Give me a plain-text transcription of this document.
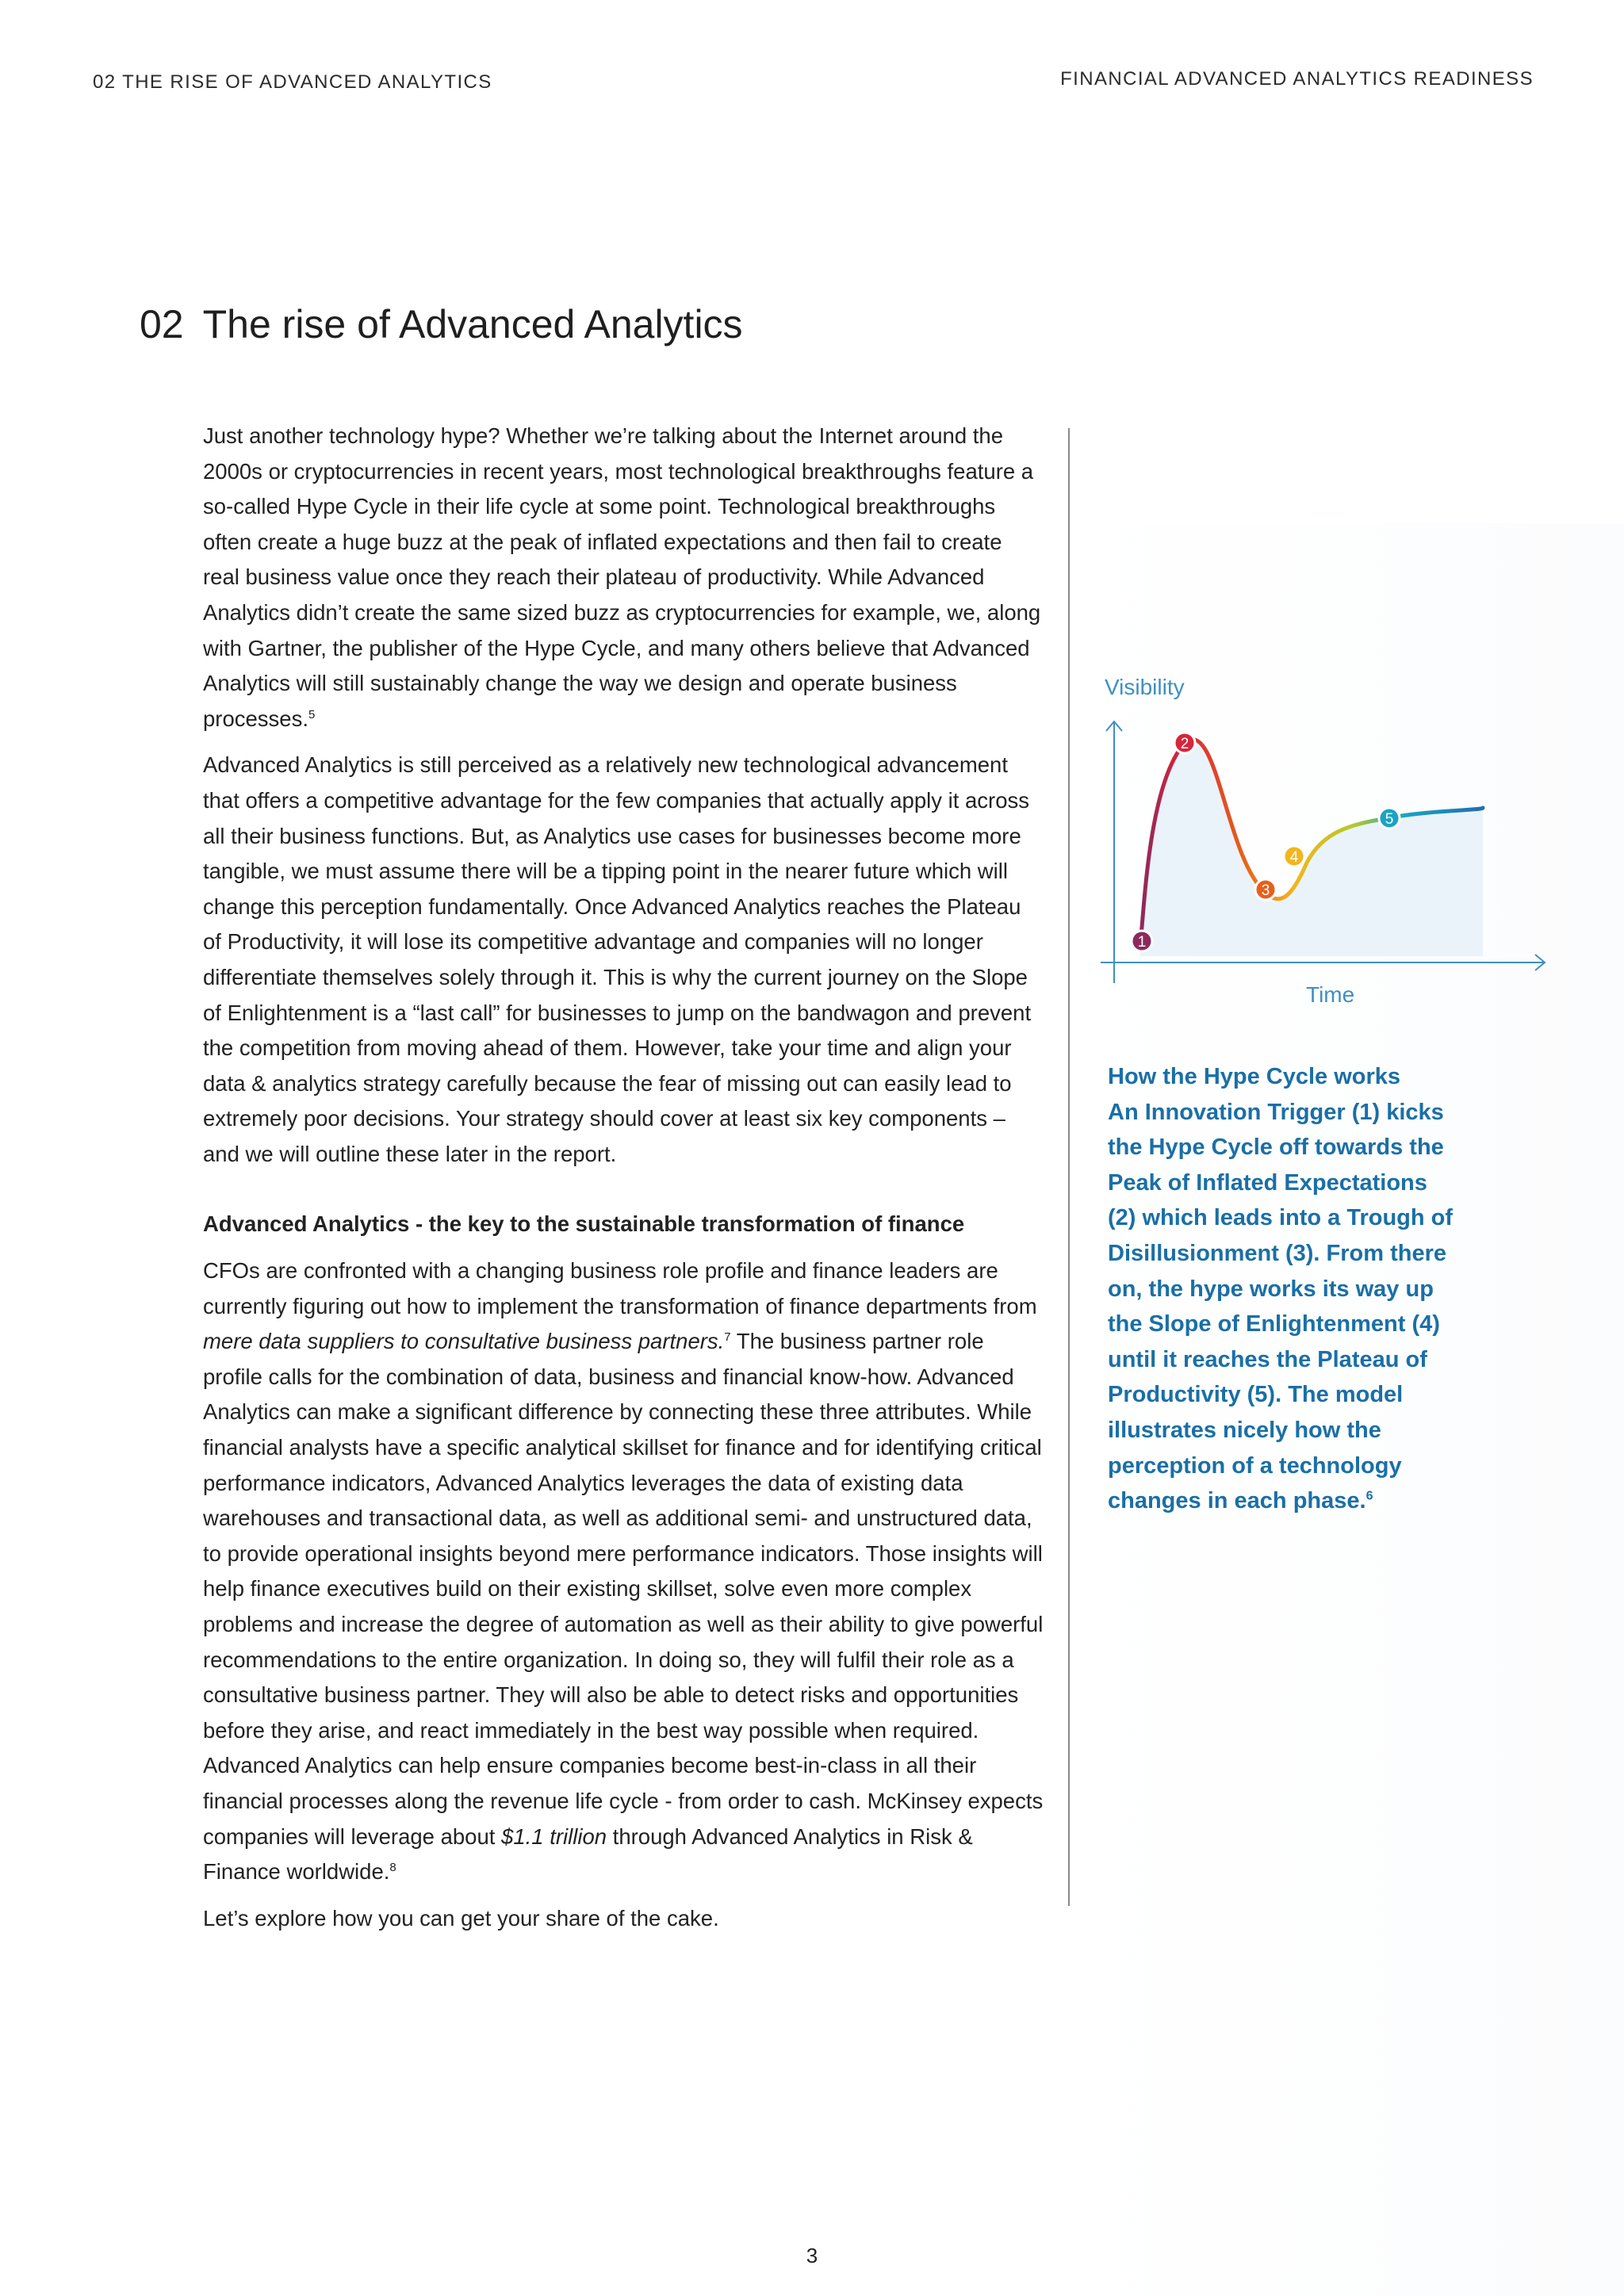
02 THE RISE OF ADVANCED ANALYTICS	FINANCIAL ADVANCED ANALYTICS READINESS
02 The rise of Advanced Analytics

Just another technology hype? Whether we’re talking about the Internet around the 2000s or cryptocurrencies in recent years, most technological breakthroughs feature a so-called Hype Cycle in their life cycle at some point. Technological breakthroughs often create a huge buzz at the peak of inflated expectations and then fail to create real business value once they reach their plateau of productivity. While Advanced Analytics didn’t create the same sized buzz as cryptocurrencies for example, we, along with Gartner, the publisher of the Hype Cycle, and many others believe that Advanced Analytics will still sustainably change the way we design and operate business processes.$^5$

Advanced Analytics is still perceived as a relatively new technological advancement that offers a competitive advantage for the few companies that actually apply it across all their business functions. But, as Analytics use cases for businesses become more tangible, we must assume there will be a tipping point in the nearer future which will change this perception fundamentally. Once Advanced Analytics reaches the Plateau of Productivity, it will lose its competitive advantage and companies will no longer differentiate themselves solely through it. This is why the current journey on the Slope of Enlightenment is a “last call” for businesses to jump on the bandwagon and prevent the competition from moving ahead of them. However, take your time and align your data & analytics strategy carefully because the fear of missing out can easily lead to extremely poor decisions. Your strategy should cover at least six key components – and we will outline these later in the report.

Advanced Analytics - the key to the sustainable transformation of finance

CFOs are confronted with a changing business role profile and finance leaders are currently figuring out how to implement the transformation of finance departments from mere data suppliers to consultative business partners.$^7$ The business partner role profile calls for the combination of data, business and financial know-how. Advanced Analytics can make a significant difference by connecting these three attributes. While financial analysts have a specific analytical skillset for finance and for identifying critical performance indicators, Advanced Analytics leverages the data of existing data warehouses and transactional data, as well as additional semi- and unstructured data, to provide operational insights beyond mere performance indicators. Those insights will help finance executives build on their existing skillset, solve even more complex problems and increase the degree of automation as well as their ability to give powerful recommendations to the entire organization. In doing so, they will fulfil their role as a consultative business partner. They will also be able to detect risks and opportunities before they arise, and react immediately in the best way possible when required. Advanced Analytics can help ensure companies become best-in-class in all their financial processes along the revenue life cycle - from order to cash. McKinsey expects companies will leverage about $1.1 trillion through Advanced Analytics in Risk & Finance worldwide.$^8$

Let’s explore how you can get your share of the cake.

Visibility
Time
1
2
3
4
5
How the Hype Cycle works
An Innovation Trigger (1) kicks the Hype Cycle off towards the Peak of Inflated Expectations (2) which leads into a Trough of Disillusionment (3). From there on, the hype works its way up the Slope of Enlightenment (4) until it reaches the Plateau of Productivity (5). The model illustrates nicely how the perception of a technology changes in each phase.$^6$
3
